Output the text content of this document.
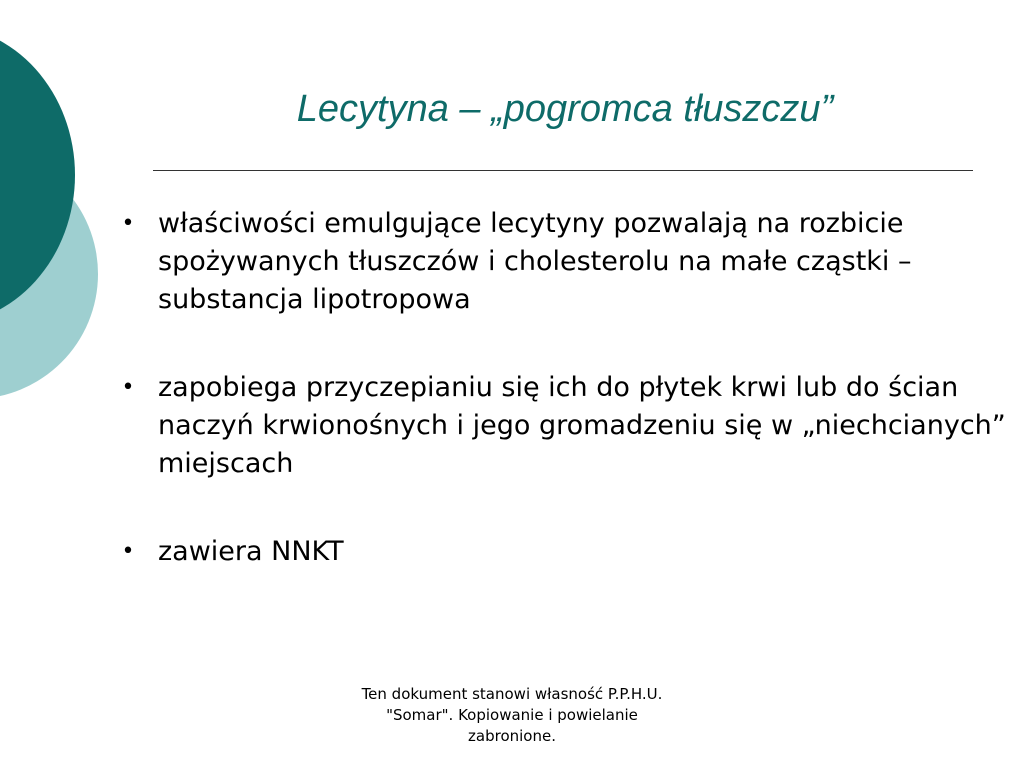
Lecytyna – „pogromca tłuszczu”
• właściwości emulgujące lecytyny pozwalają na rozbicie spożywanych tłuszczów i cholesterolu na małe cząstki – substancja lipotropowa
• zapobiega przyczepianiu się ich do płytek krwi lub do ścian naczyń krwionośnych i jego gromadzeniu się w „niechcianych” miejscach
• zawiera NNKT
Ten dokument stanowi własność P.P.H.U. "Somar". Kopiowanie i powielanie zabronione.
